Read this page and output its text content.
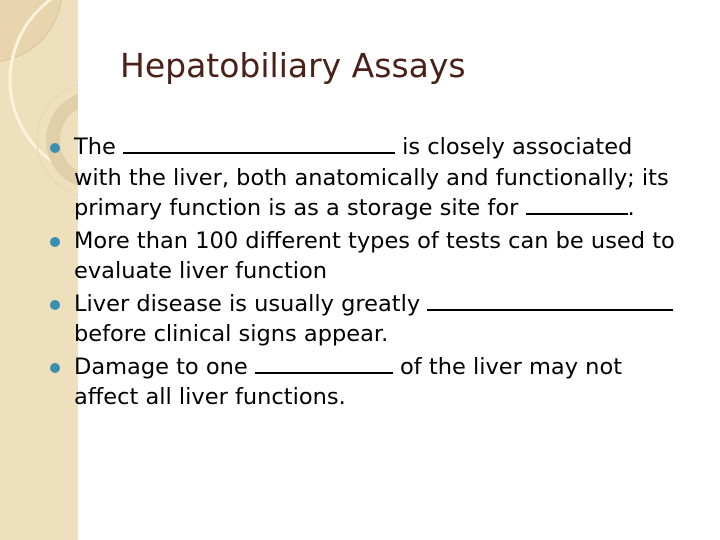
Hepatobiliary Assays
The	is closely associated
with the liver, both anatomically and functionally; its
primary function is as a storage site for	.
More than 100 different types of tests can be used to
evaluate liver function
Liver disease is usually greatly
before clinical signs appear.
Damage to one	of the liver may not
affect all liver functions.
